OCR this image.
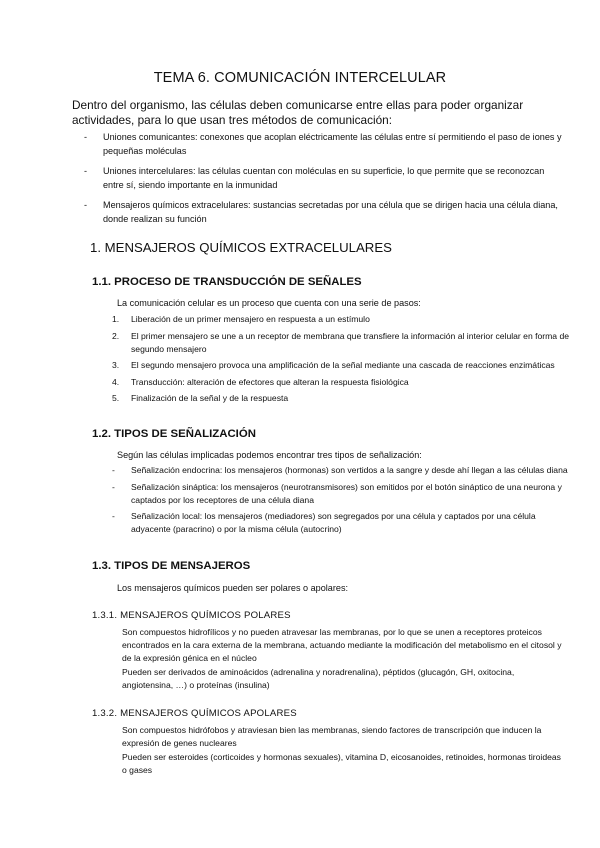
TEMA 6. COMUNICACIÓN INTERCELULAR
Dentro del organismo, las células deben comunicarse entre ellas para poder organizar actividades, para lo que usan tres métodos de comunicación:
- Uniones comunicantes: conexones que acoplan eléctricamente las células entre sí permitiendo el paso de iones y pequeñas moléculas
- Uniones intercelulares: las células cuentan con moléculas en su superficie, lo que permite que se reconozcan entre sí, siendo importante en la inmunidad
- Mensajeros químicos extracelulares: sustancias secretadas por una célula que se dirigen hacia una célula diana, donde realizan su función
1. MENSAJEROS QUÍMICOS EXTRACELULARES
1.1. PROCESO DE TRANSDUCCIÓN DE SEÑALES
La comunicación celular es un proceso que cuenta con una serie de pasos:
1. Liberación de un primer mensajero en respuesta a un estímulo
2. El primer mensajero se une a un receptor de membrana que transfiere la información al interior celular en forma de segundo mensajero
3. El segundo mensajero provoca una amplificación de la señal mediante una cascada de reacciones enzimáticas
4. Transducción: alteración de efectores que alteran la respuesta fisiológica
5. Finalización de la señal y de la respuesta
1.2. TIPOS DE SEÑALIZACIÓN
Según las células implicadas podemos encontrar tres tipos de señalización:
- Señalización endocrina: los mensajeros (hormonas) son vertidos a la sangre y desde ahí llegan a las células diana
- Señalización sináptica: los mensajeros (neurotransmisores) son emitidos por el botón sináptico de una neurona y captados por los receptores de una célula diana
- Señalización local: los mensajeros (mediadores) son segregados por una célula y captados por una célula adyacente (paracrino) o por la misma célula (autocrino)
1.3. TIPOS DE MENSAJEROS
Los mensajeros químicos pueden ser polares o apolares:
1.3.1. MENSAJEROS QUÍMICOS POLARES
Son compuestos hidrofílicos y no pueden atravesar las membranas, por lo que se unen a receptores proteicos encontrados en la cara externa de la membrana, actuando mediante la modificación del metabolismo en el citosol y de la expresión génica en el núcleo
Pueden ser derivados de aminoácidos (adrenalina y noradrenalina), péptidos (glucagón, GH, oxitocina, angiotensina, …) o proteínas (insulina)
1.3.2. MENSAJEROS QUÍMICOS APOLARES
Son compuestos hidrófobos y atraviesan bien las membranas, siendo factores de transcripción que inducen la expresión de genes nucleares
Pueden ser esteroides (corticoides y hormonas sexuales), vitamina D, eicosanoides, retinoides, hormonas tiroideas o gases
